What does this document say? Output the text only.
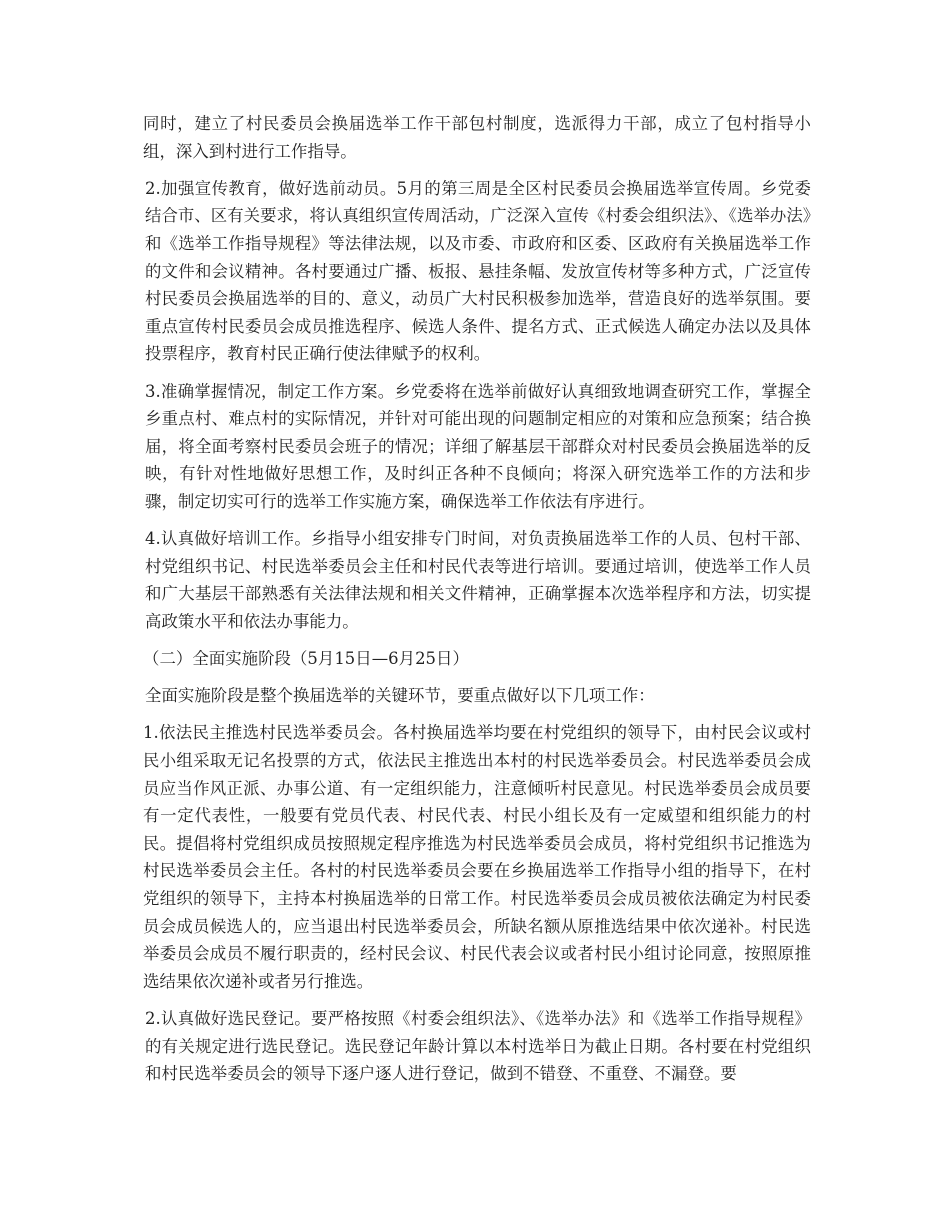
同时，建立了村民委员会换届选举工作干部包村制度，选派得力干部，成立了包村指导小组，深入到村进行工作指导。

2.加强宣传教育，做好选前动员。5月的第三周是全区村民委员会换届选举宣传周。乡党委结合市、区有关要求，将认真组织宣传周活动，广泛深入宣传《村委会组织法》、《选举办法》和《选举工作指导规程》等法律法规，以及市委、市政府和区委、区政府有关换届选举工作的文件和会议精神。各村要通过广播、板报、悬挂条幅、发放宣传材等多种方式，广泛宣传村民委员会换届选举的目的、意义，动员广大村民积极参加选举，营造良好的选举氛围。要重点宣传村民委员会成员推选程序、候选人条件、提名方式、正式候选人确定办法以及具体投票程序，教育村民正确行使法律赋予的权利。

3.准确掌握情况，制定工作方案。乡党委将在选举前做好认真细致地调查研究工作，掌握全乡重点村、难点村的实际情况，并针对可能出现的问题制定相应的对策和应急预案；结合换届，将全面考察村民委员会班子的情况；详细了解基层干部群众对村民委员会换届选举的反映，有针对性地做好思想工作，及时纠正各种不良倾向；将深入研究选举工作的方法和步骤，制定切实可行的选举工作实施方案，确保选举工作依法有序进行。

4.认真做好培训工作。乡指导小组安排专门时间，对负责换届选举工作的人员、包村干部、村党组织书记、村民选举委员会主任和村民代表等进行培训。要通过培训，使选举工作人员和广大基层干部熟悉有关法律法规和相关文件精神，正确掌握本次选举程序和方法，切实提高政策水平和依法办事能力。

（二）全面实施阶段（5月15日—6月25日）

全面实施阶段是整个换届选举的关键环节，要重点做好以下几项工作：

1.依法民主推选村民选举委员会。各村换届选举均要在村党组织的领导下，由村民会议或村民小组采取无记名投票的方式，依法民主推选出本村的村民选举委员会。村民选举委员会成员应当作风正派、办事公道、有一定组织能力，注意倾听村民意见。村民选举委员会成员要有一定代表性，一般要有党员代表、村民代表、村民小组长及有一定威望和组织能力的村民。提倡将村党组织成员按照规定程序推选为村民选举委员会成员，将村党组织书记推选为村民选举委员会主任。各村的村民选举委员会要在乡换届选举工作指导小组的指导下，在村党组织的领导下，主持本村换届选举的日常工作。村民选举委员会成员被依法确定为村民委员会成员候选人的，应当退出村民选举委员会，所缺名额从原推选结果中依次递补。村民选举委员会成员不履行职责的，经村民会议、村民代表会议或者村民小组讨论同意，按照原推选结果依次递补或者另行推选。

2.认真做好选民登记。要严格按照《村委会组织法》、《选举办法》和《选举工作指导规程》的有关规定进行选民登记。选民登记年龄计算以本村选举日为截止日期。各村要在村党组织和村民选举委员会的领导下逐户逐人进行登记，做到不错登、不重登、不漏登。要
